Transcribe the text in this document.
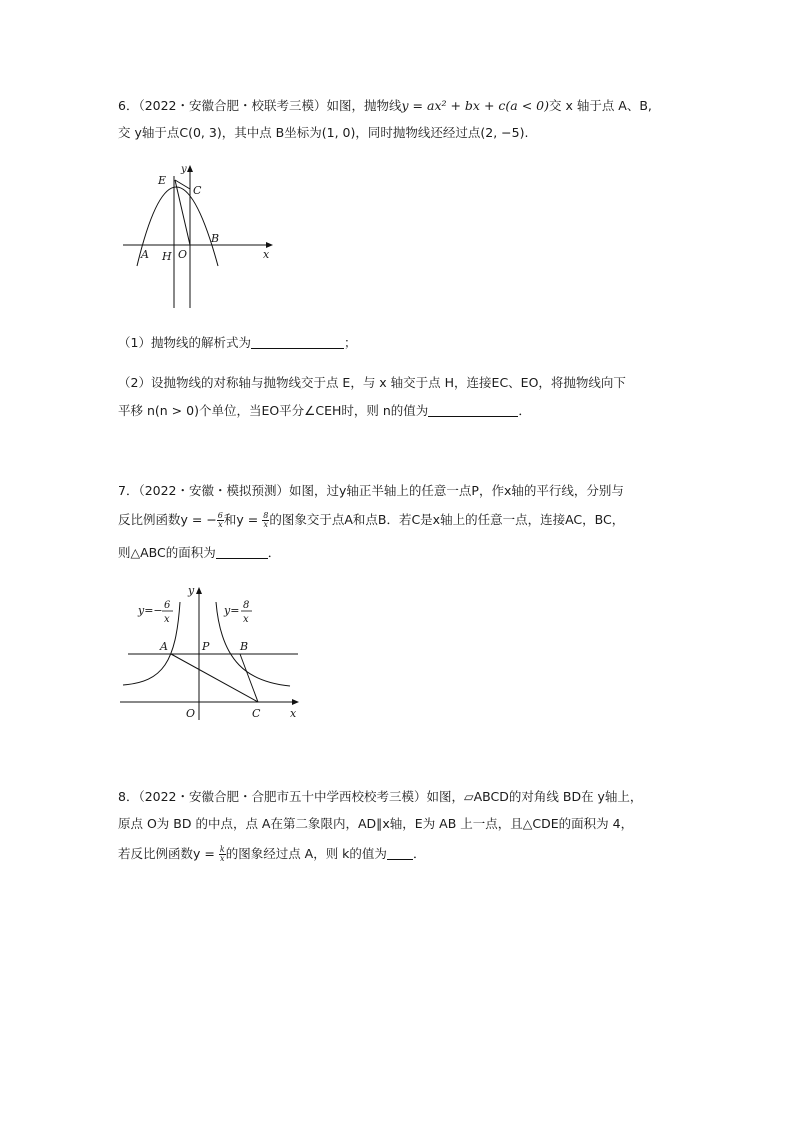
6．（2022・安徽合肥・校联考三模）如图，抛物线y = ax² + bx + c(a < 0)交 x 轴于点 A、B,
交 y轴于点C(0, 3)，其中点 B坐标为(1, 0)，同时抛物线还经过点(2, −5).
E
C
y
B
x
A H O
（1）抛物线的解析式为	；
（2）设抛物线的对称轴与抛物线交于点 E，与 x 轴交于点 H，连接EC、EO，将抛物线向下
平移 n(n > 0)个单位，当EO平分∠CEH时，则 n的值为	．
7．（2022・安徽・模拟预测）如图，过y轴正半轴上的任意一点P，作x轴的平行线，分别与
反比例函数y = − $\frac{6}{x}$ 和$y = \frac{8}{x}$ 的图象交于点A和点B．若C是x轴上的任意一点，连接AC，BC，
则△ABC的面积为	．
y=− 6
x
y= 8
x
y
A	P	B
O	C	x
8．（2022・安徽合肥・合肥市五十中学西校校考三模）如图，▱ABCD的对角线 BD在 y轴上，
原点 O为 BD 的中点，点 A在第二象限内，AD∥x轴，E为 AB 上一点，且△CDE的面积为 4，
若反比例函数$y = \frac{k}{x}$ 的图象经过点 A，则 k的值为 ．
